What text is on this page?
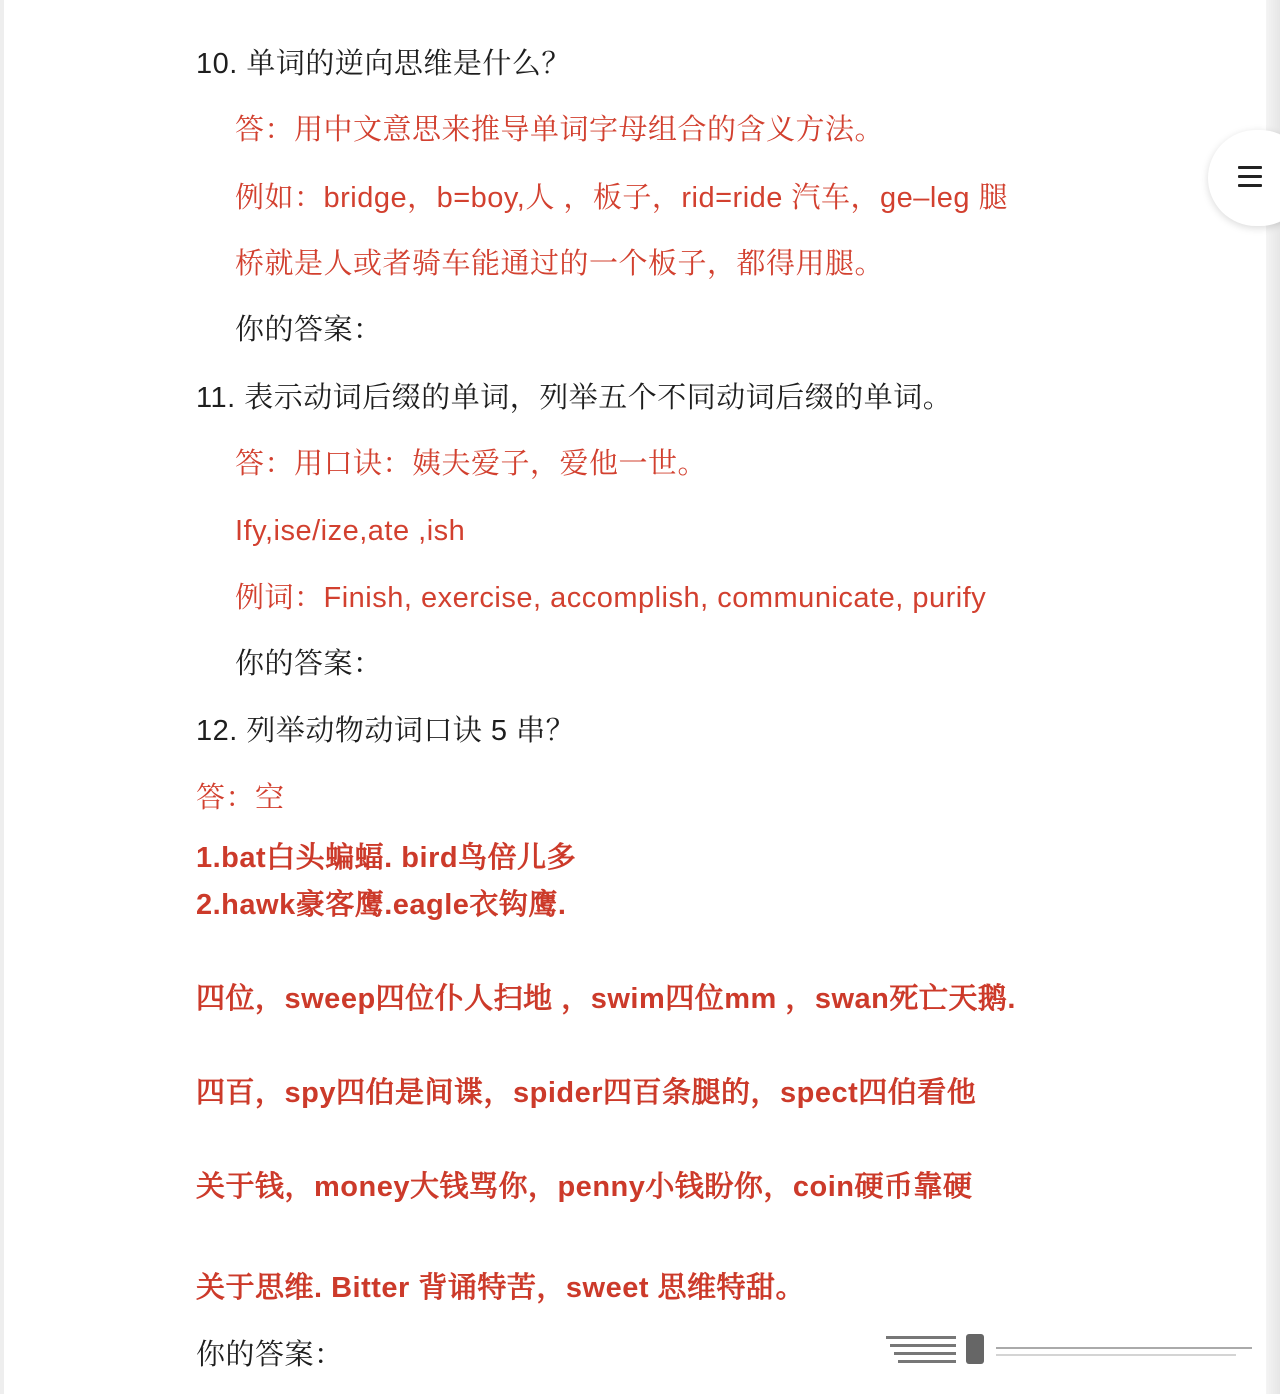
10. 单词的逆向思维是什么？
答：用中文意思来推导单词字母组合的含义方法。
例如：bridge，b=boy,人 ，板子，rid=ride 汽车，ge–leg 腿
桥就是人或者骑车能通过的一个板子，都得用腿。
你的答案：
11. 表示动词后缀的单词，列举五个不同动词后缀的单词。
答：用口诀：姨夫爱子，爱他一世。
Ify,ise/ize,ate ,ish
例词：Finish, exercise, accomplish, communicate, purify
你的答案：
12. 列举动物动词口诀 5 串？
答：空
1.bat白头蝙蝠. bird鸟倍儿多
2.hawk豪客鹰.eagle衣钩鹰.
四位，sweep四位仆人扫地 ，swim四位mm ，swan死亡天鹅.
四百，spy四伯是间谍，spider四百条腿的，spect四伯看他
关于钱，money大钱骂你，penny小钱盼你，coin硬币靠硬
关于思维. Bitter 背诵特苦，sweet 思维特甜。
你的答案：
